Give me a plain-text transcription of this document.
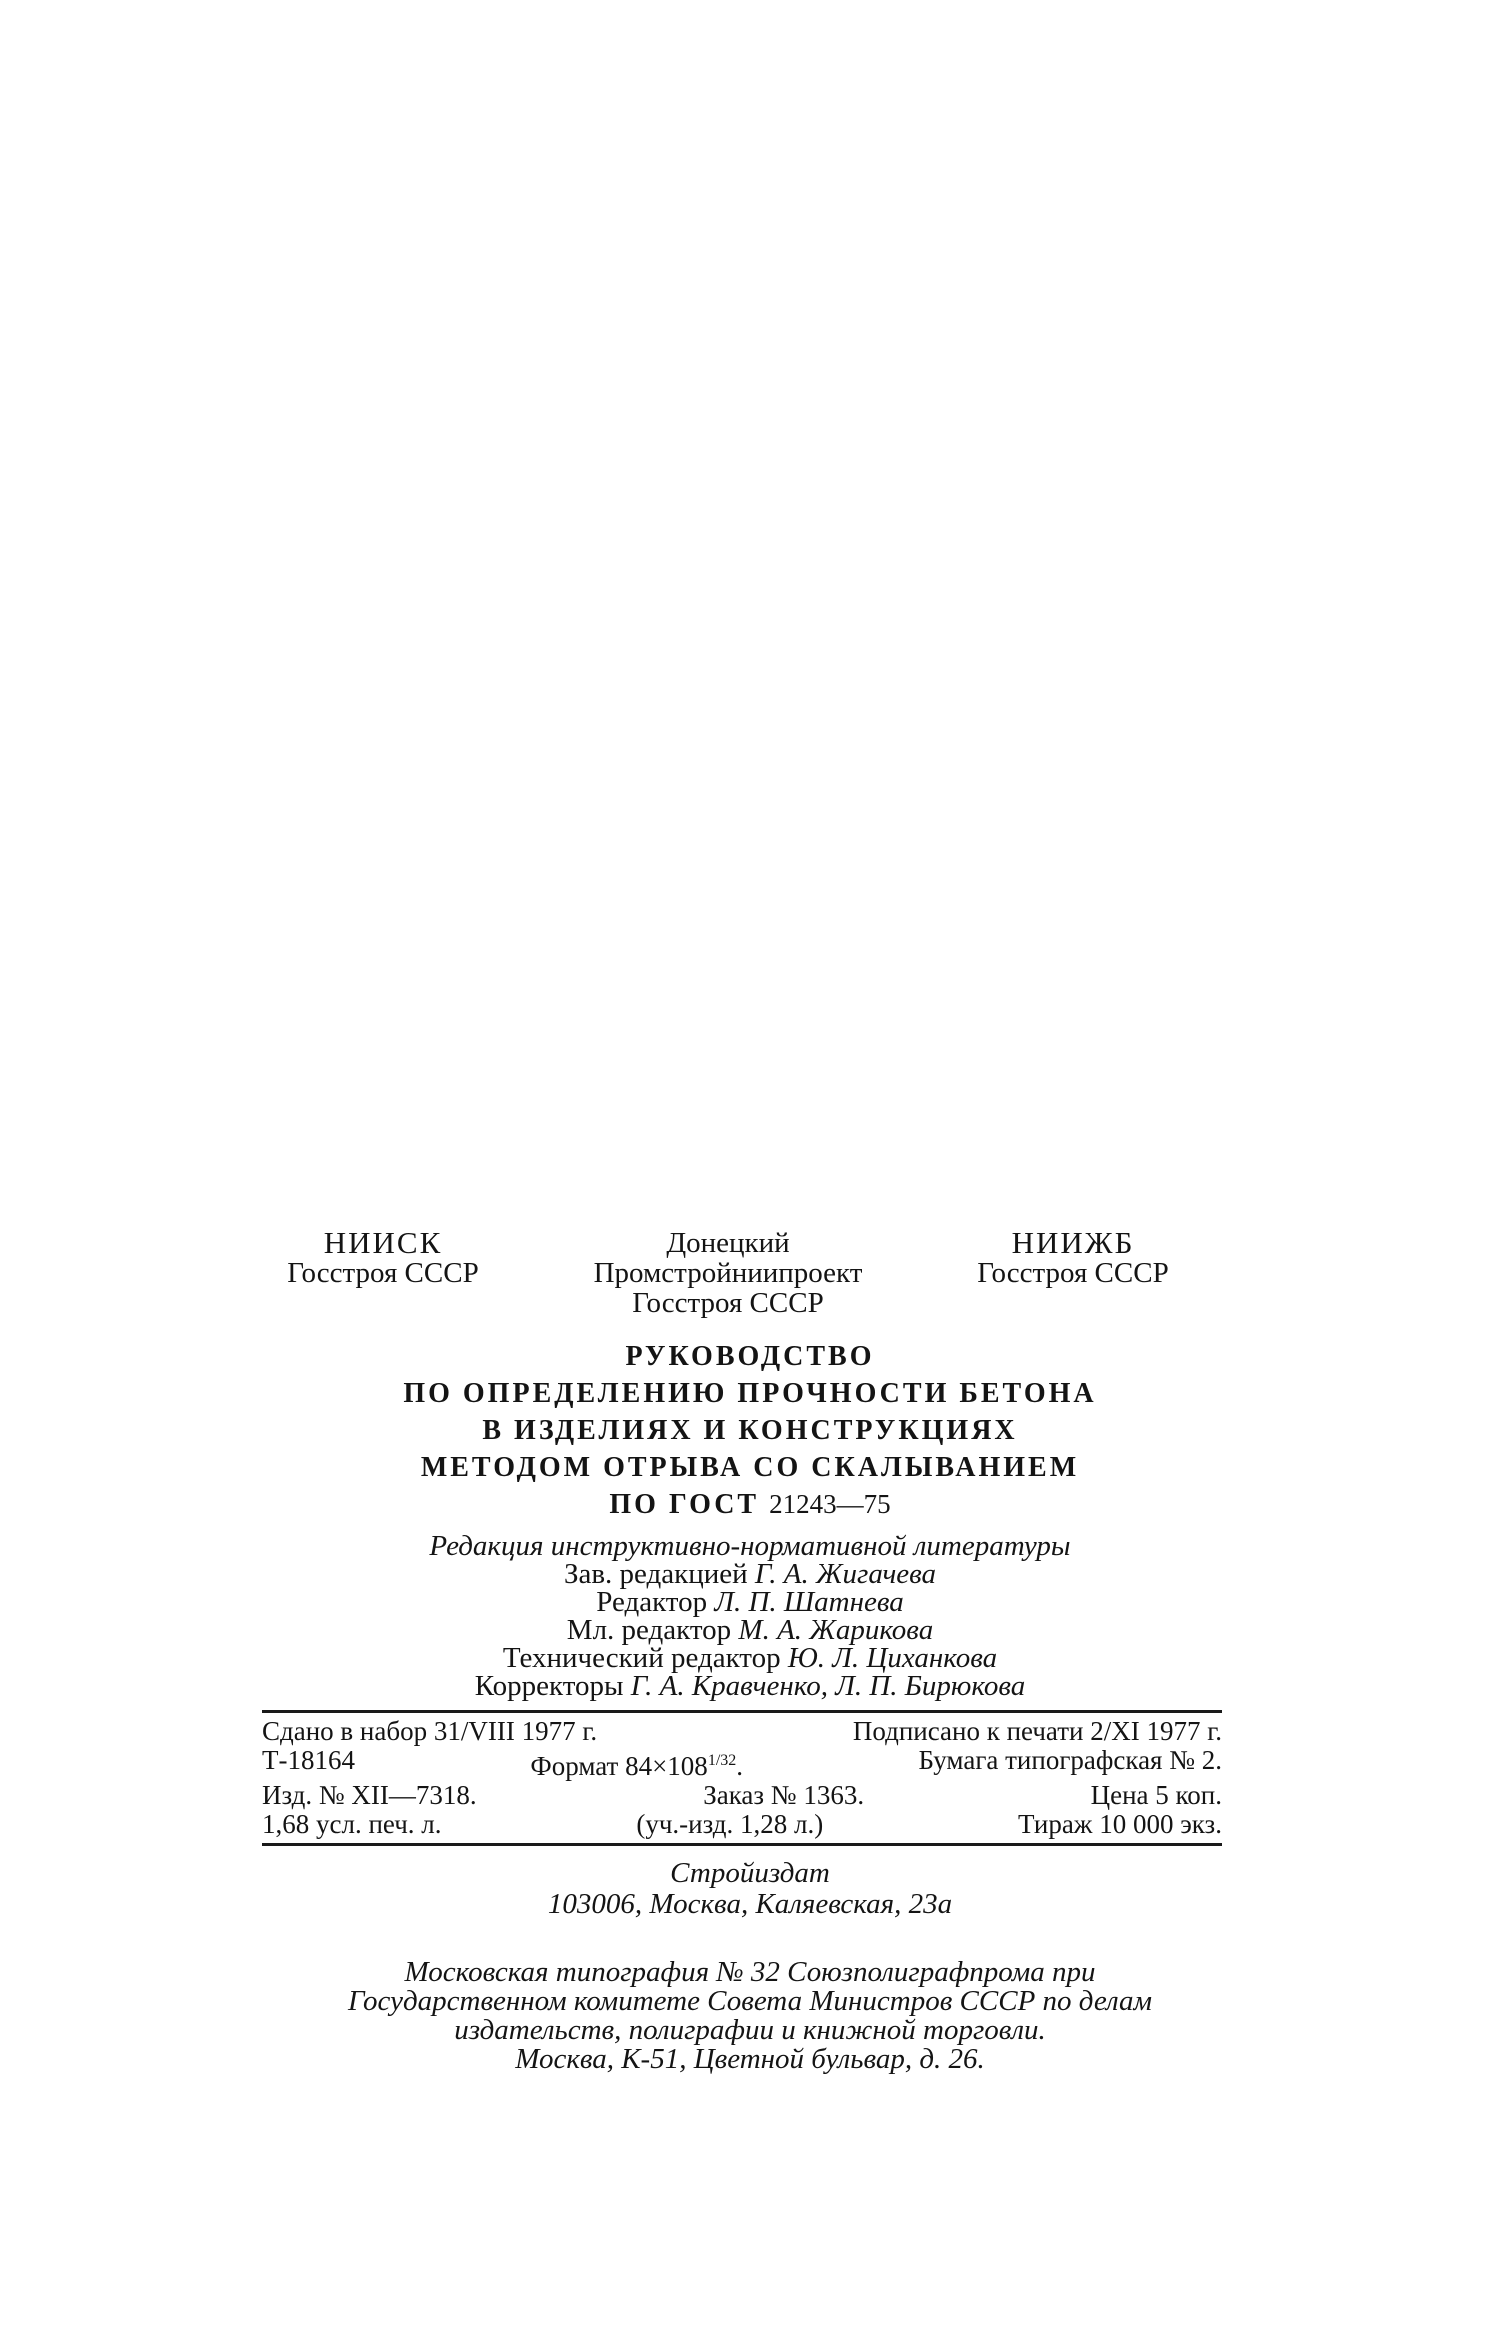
НИИСК
Госстроя СССР
Донецкий
Промстройниипроект
Госстроя СССР
НИИЖБ
Госстроя СССР
РУКОВОДСТВО
ПО ОПРЕДЕЛЕНИЮ ПРОЧНОСТИ БЕТОНА
В ИЗДЕЛИЯХ И КОНСТРУКЦИЯХ
МЕТОДОМ ОТРЫВА СО СКАЛЫВАНИЕМ
ПО ГОСТ 21243—75
Редакция инструктивно-нормативной литературы
Зав. редакцией Г. А. Жигачева
Редактор Л. П. Шатнева
Мл. редактор М. А. Жарикова
Технический редактор Ю. Л. Циханкова
Корректоры Г. А. Кравченко, Л. П. Бирюкова
Сдано в набор 31/VIII 1977 г.	Подписано к печати 2/XI 1977 г.
Т-18164	Формат $84\times 108^{1/32}$.	Бумага типографская № 2.
Изд. № XII—7318.	Заказ № 1363.	Цена 5 коп.
1,68 усл. печ. л.	(уч.-изд. 1,28 л.)	Тираж 10 000 экз.
Стройиздат
103006, Москва, Каляевская, 23а
Московская типография № 32 Союзполиграфпрома при
Государственном комитете Совета Министров СССР по делам
издательств, полиграфии и книжной торговли.
Москва, К-51, Цветной бульвар, д. 26.
